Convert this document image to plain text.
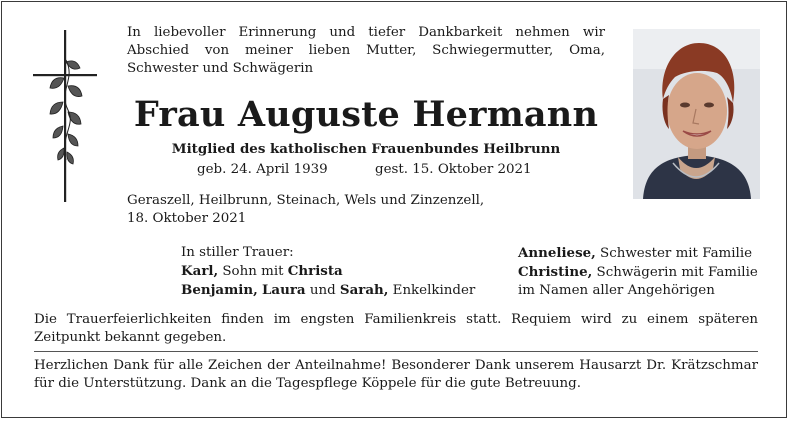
In liebevoller Erinnerung und tiefer Dankbarkeit nehmen wir Abschied von meiner lieben Mutter, Schwiegermutter, Oma, Schwester und Schwägerin
Frau Auguste Hermann
Mitglied des katholischen Frauenbundes Heilbrunn
geb. 24. April 1939	gest. 15. Oktober 2021
Geraszell, Heilbrunn, Steinach, Wels und Zinzenzell,
18. Oktober 2021
In stiller Trauer:
Karl, Sohn mit Christa
Benjamin, Laura und Sarah, Enkelkinder
Anneliese, Schwester mit Familie
Christine, Schwägerin mit Familie
im Namen aller Angehörigen
Die Trauerfeierlichkeiten finden im engsten Familienkreis statt. Requiem wird zu einem späteren Zeitpunkt bekannt gegeben.
Herzlichen Dank für alle Zeichen der Anteilnahme! Besonderer Dank unserem Hausarzt Dr. Krätzschmar für die Unterstützung. Dank an die Tagespflege Köppele für die gute Betreuung.
